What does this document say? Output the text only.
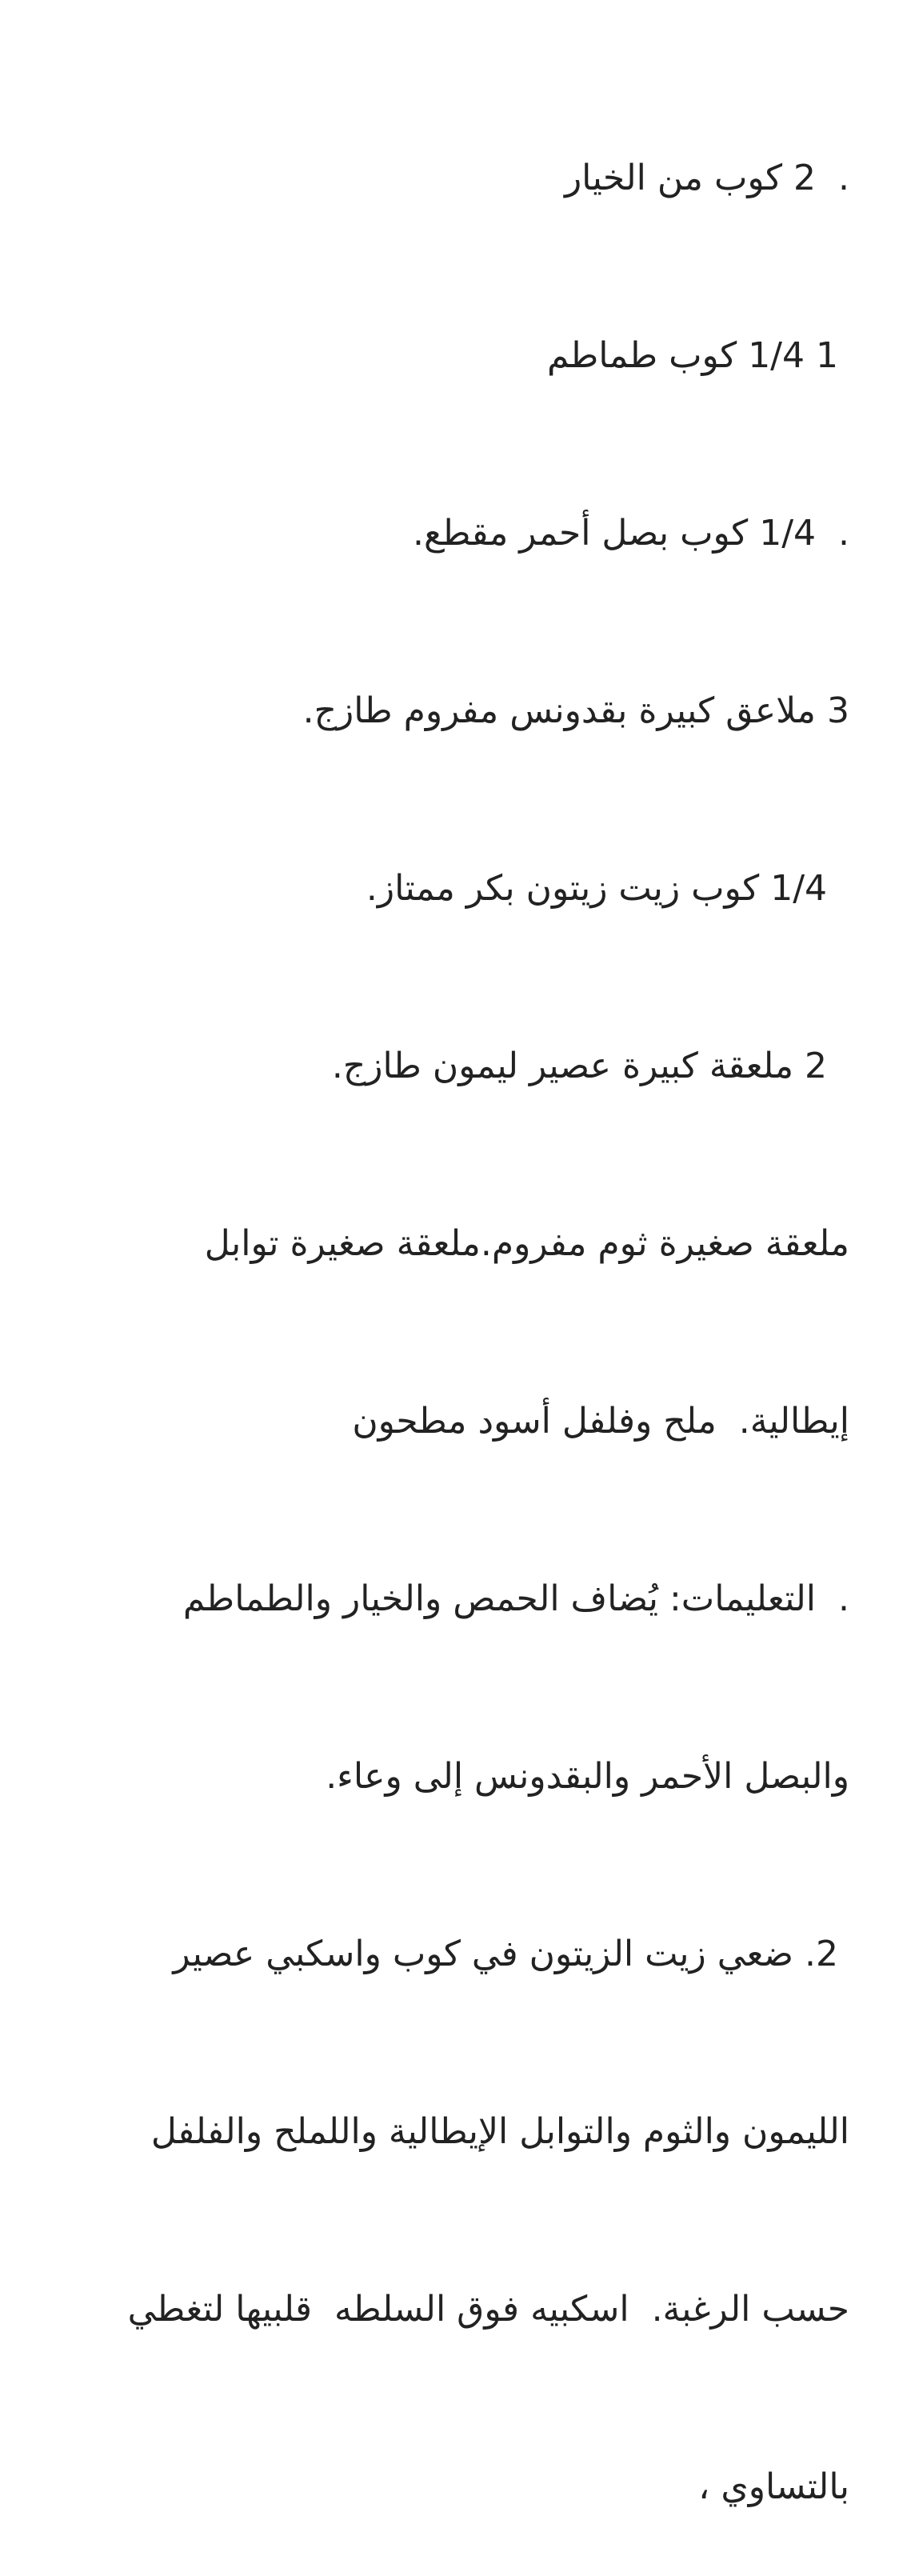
.  2 كوب من الخيار

1 1/4 كوب طماطم

.  1/4 كوب بصل أحمر مقطع.

3 ملاعق كبيرة بقدونس مفروم طازج.

1/4 كوب زيت زيتون بكر ممتاز.

2 ملعقة كبيرة عصير ليمون طازج.

ملعقة صغيرة ثوم مفروم.ملعقة صغيرة توابل

إيطالية.  ملح وفلفل أسود مطحون

.  التعليمات: يُضاف الحمص والخيار والطماطم

والبصل الأحمر والبقدونس إلى وعاء.

2. ضعي زيت الزيتون في كوب واسكبي عصير

الليمون والثوم والتوابل الإيطالية واللملح والفلفل

حسب الرغبة.  اسكبيه فوق السلطه  قلبيها لتغطي

بالتساوي ،
